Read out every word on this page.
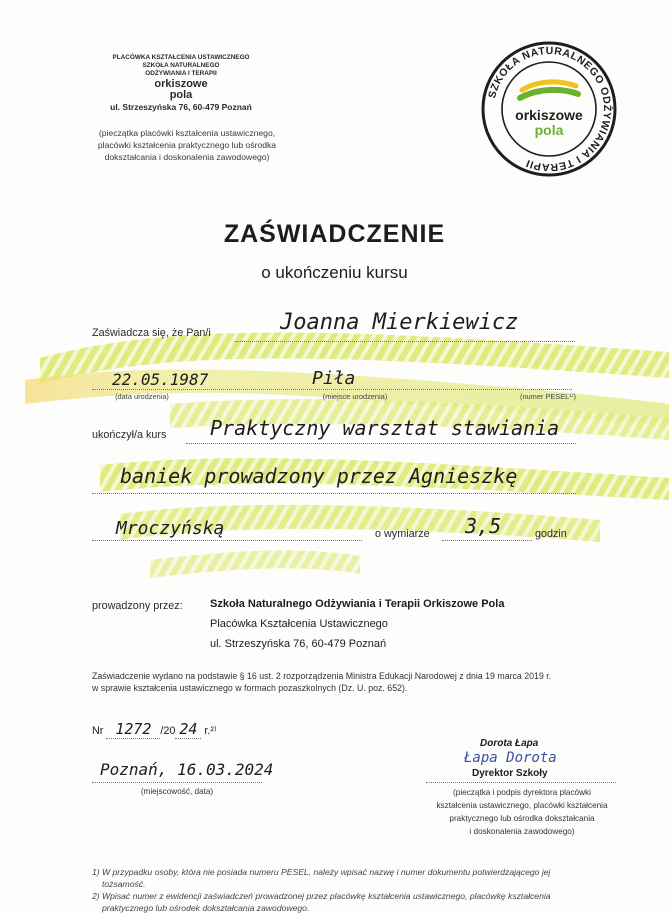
PLACÓWKA KSZTAŁCENIA USTAWICZNEGO
SZKOŁA NATURALNEGO
ODŻYWIANIA I TERAPII
orkiszowe
pola
ul. Strzeszyńska 76, 60-479 Poznań
(pieczątka placówki kształcenia ustawicznego,
placówki kształcenia praktycznego lub ośrodka
dokształcania i doskonalenia zawodowego)
SZKOŁA NATURALNEGO ODŻYWIANIA I TERAPII
orkiszowe
pola
ZAŚWIADCZENIE
o ukończeniu kursu
Zaświadcza się, że Pan/i	Joanna Mierkiewicz
22.05.1987	Piła
(data urodzenia)	(miejsce urodzenia)	(numer PESEL¹⁾)
ukończył/a kurs Praktyczny warsztat stawiania
baniek prowadzony przez Agnieszkę
Mroczyńską	o wymiarze 3,5	godzin
prowadzony przez: Szkoła Naturalnego Odżywiania i Terapii Orkiszowe Pola
Placówka Kształcenia Ustawicznego
ul. Strzeszyńska 76, 60-479 Poznań
Zaświadczenie wydano na podstawie § 16 ust. 2 rozporządzenia Ministra Edukacji Narodowej z dnia 19 marca 2019 r.
w sprawie kształcenia ustawicznego w formach pozaszkolnych (Dz. U. poz. 652).
Nr 1272 /20 24 r.²⁾
Poznań, 16.03.2024
(miejscowość, data)
Dorota Łapa
Łapa Dorota
Dyrektor Szkoły
(pieczątka i podpis dyrektora placówki
kształcenia ustawicznego, placówki kształcenia
praktycznego lub ośrodka dokształcania
i doskonalenia zawodowego)
1) W przypadku osoby, która nie posiada numeru PESEL, należy wpisać nazwę i numer dokumentu potwierdzającego jej
tożsamość.
2) Wpisać numer z ewidencji zaświadczeń prowadzonej przez placówkę kształcenia ustawicznego, placówkę kształcenia
praktycznego lub ośrodek dokształcania zawodowego.
